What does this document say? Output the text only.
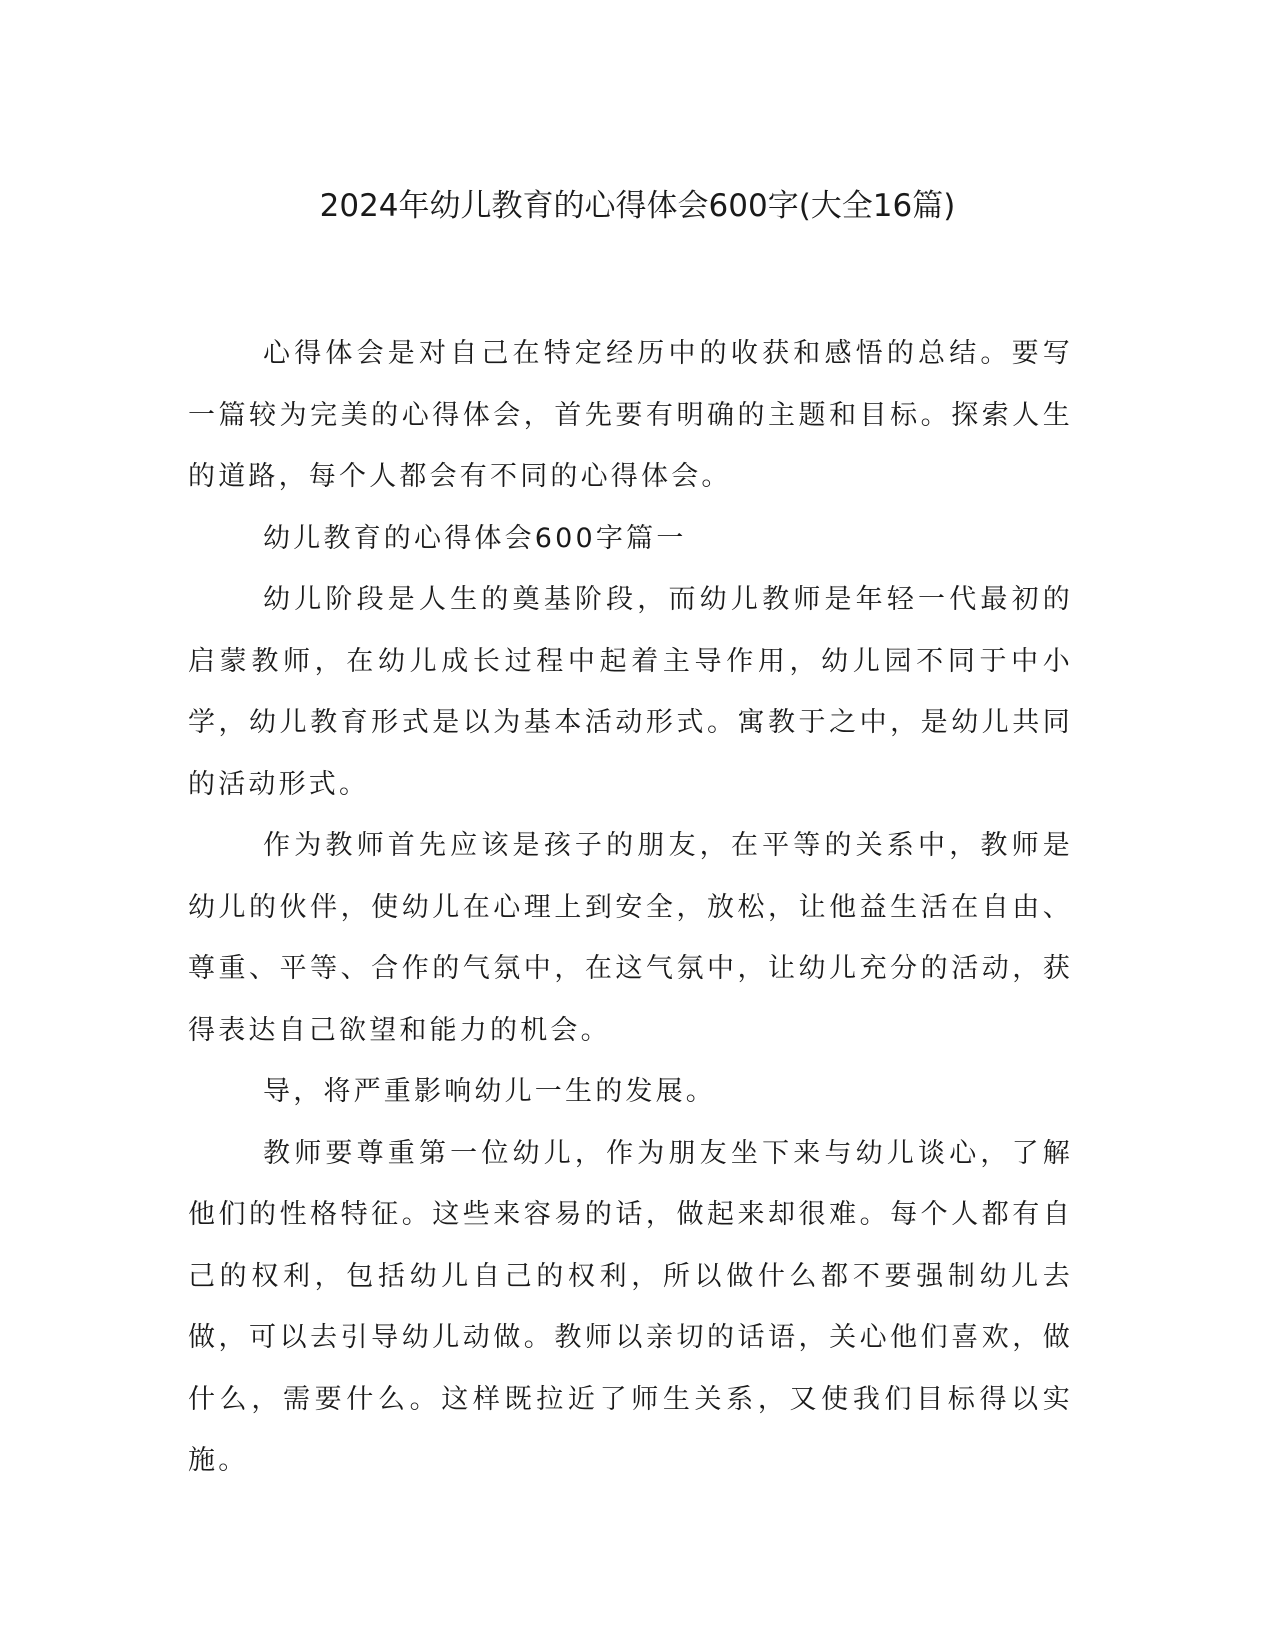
2024年幼儿教育的心得体会600字(大全16篇)

心得体会是对自己在特定经历中的收获和感悟的总结。要写一篇较为完美的心得体会，首先要有明确的主题和目标。探索人生的道路，每个人都会有不同的心得体会。

幼儿教育的心得体会600字篇一

幼儿阶段是人生的奠基阶段，而幼儿教师是年轻一代最初的启蒙教师，在幼儿成长过程中起着主导作用，幼儿园不同于中小学，幼儿教育形式是以为基本活动形式。寓教于之中，是幼儿共同的活动形式。

作为教师首先应该是孩子的朋友，在平等的关系中，教师是幼儿的伙伴，使幼儿在心理上到安全，放松，让他益生活在自由、尊重、平等、合作的气氛中，在这气氛中，让幼儿充分的活动，获得表达自己欲望和能力的机会。

导，将严重影响幼儿一生的发展。

教师要尊重第一位幼儿，作为朋友坐下来与幼儿谈心，了解他们的性格特征。这些来容易的话，做起来却很难。每个人都有自己的权利，包括幼儿自己的权利，所以做什么都不要强制幼儿去做，可以去引导幼儿动做。教师以亲切的话语，关心他们喜欢，做什么，需要什么。这样既拉近了师生关系，又使我们目标得以实施。
